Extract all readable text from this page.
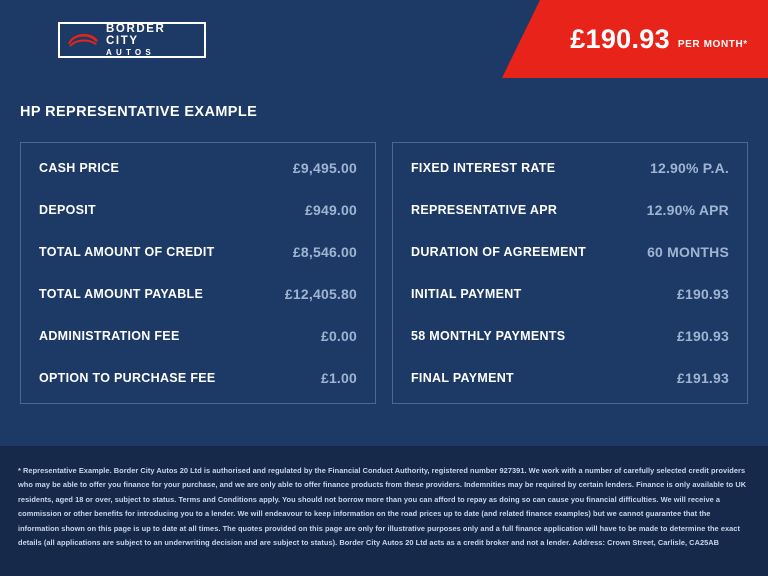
BORDER CITY
AUTOS	£190.93 PER MONTH*
HP REPRESENTATIVE EXAMPLE
CASH PRICE	£9,495.00
DEPOSIT	£949.00
TOTAL AMOUNT OF CREDIT	£8,546.00
TOTAL AMOUNT PAYABLE	£12,405.80
ADMINISTRATION FEE	£0.00
OPTION TO PURCHASE FEE	£1.00
FIXED INTEREST RATE	12.90% P.A.
REPRESENTATIVE APR	12.90% APR
DURATION OF AGREEMENT	60 MONTHS
INITIAL PAYMENT	£190.93
58 MONTHLY PAYMENTS	£190.93
FINAL PAYMENT	£191.93

* Representative Example. Border City Autos 20 Ltd is authorised and regulated by the Financial Conduct Authority, registered number 927391. We work with a number of carefully selected credit providers who may be able to offer you finance for your purchase, and we are only able to offer finance products from these providers. Indemnities may be required by certain lenders. Finance is only available to UK residents, aged 18 or over, subject to status. Terms and Conditions apply. You should not borrow more than you can afford to repay as doing so can cause you financial difficulties. We will receive a commission or other benefits for introducing you to a lender. We will endeavour to keep information on the road prices up to date (and related finance examples) but we cannot guarantee that the information shown on this page is up to date at all times. The quotes provided on this page are only for illustrative purposes only and a full finance application will have to be made to determine the exact details (all applications are subject to an underwriting decision and are subject to status). Border City Autos 20 Ltd acts as a credit broker and not a lender. Address: Crown Street, Carlisle, CA25AB
